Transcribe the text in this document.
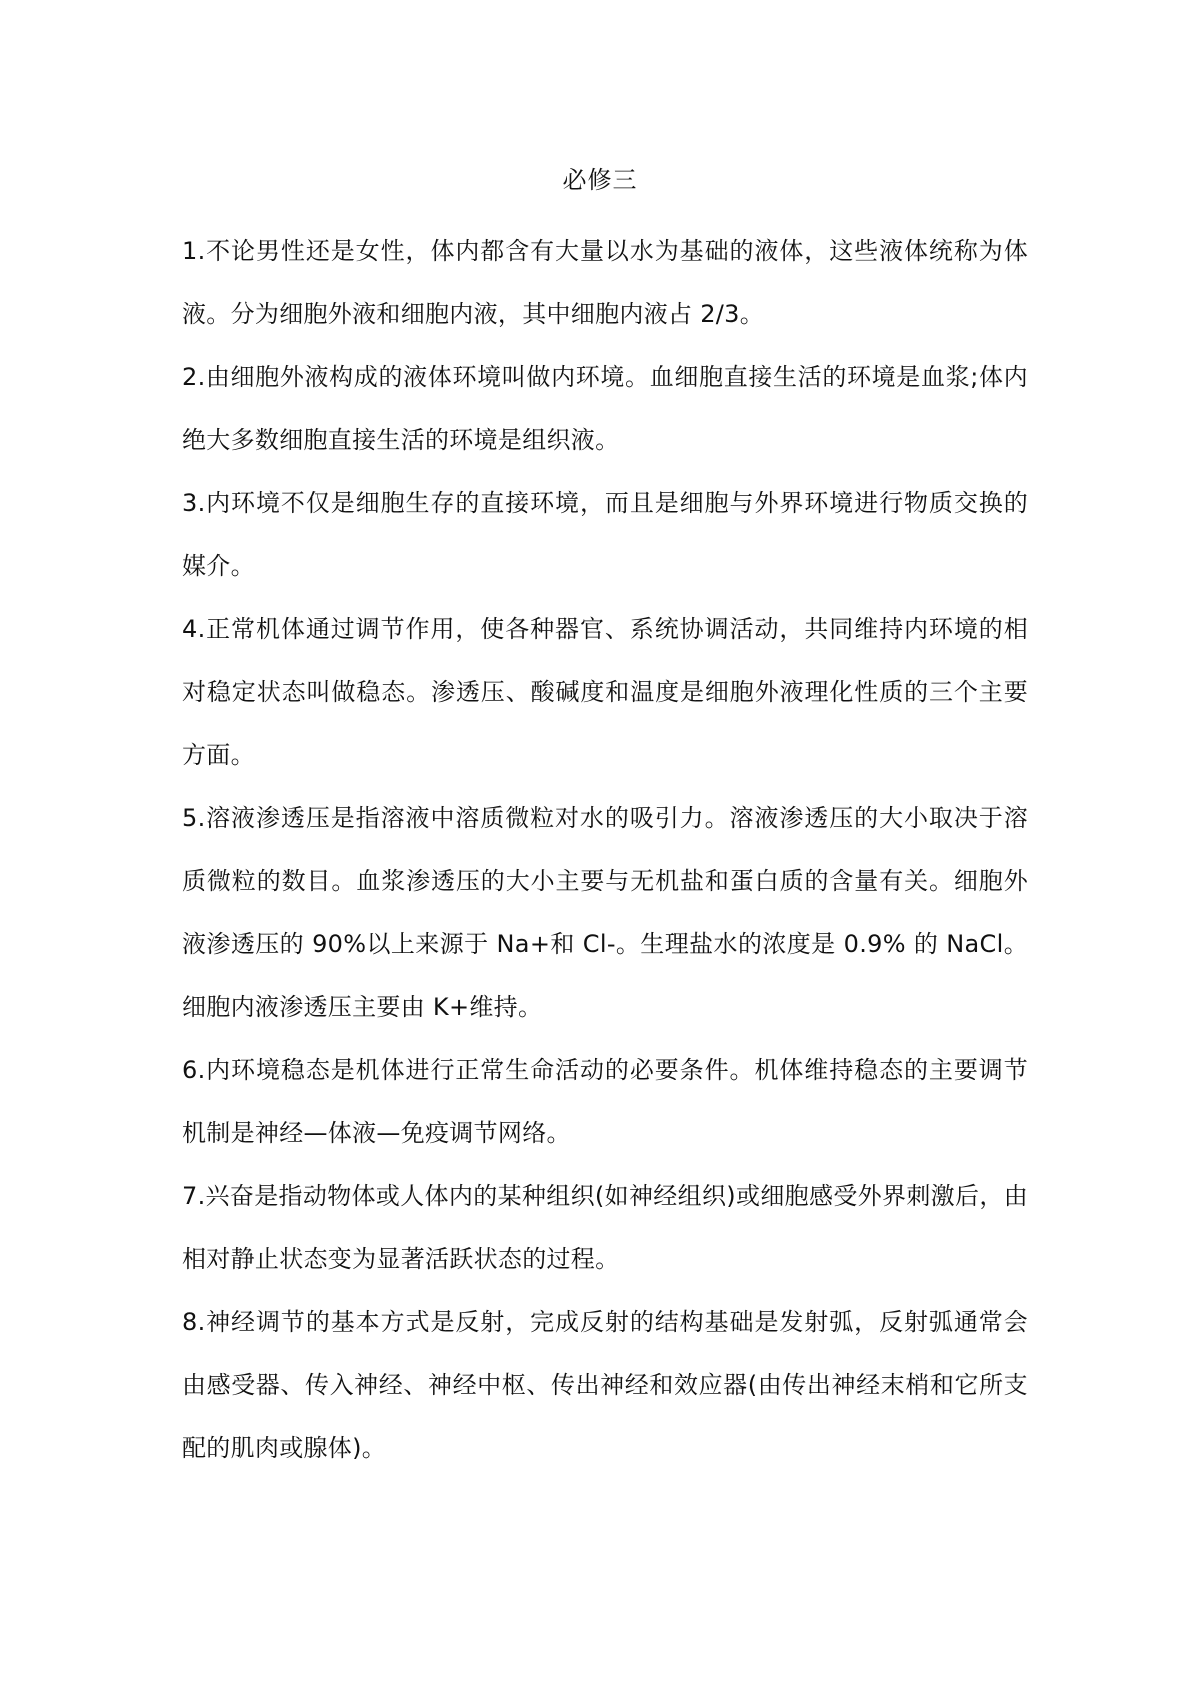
必修三

1.不论男性还是女性，体内都含有大量以水为基础的液体，这些液体统称为体液。分为细胞外液和细胞内液，其中细胞内液占 2/3。

2.由细胞外液构成的液体环境叫做内环境。血细胞直接生活的环境是血浆;体内绝大多数细胞直接生活的环境是组织液。

3.内环境不仅是细胞生存的直接环境，而且是细胞与外界环境进行物质交换的媒介。

4.正常机体通过调节作用，使各种器官、系统协调活动，共同维持内环境的相对稳定状态叫做稳态。渗透压、酸碱度和温度是细胞外液理化性质的三个主要方面。

5.溶液渗透压是指溶液中溶质微粒对水的吸引力。溶液渗透压的大小取决于溶质微粒的数目。血浆渗透压的大小主要与无机盐和蛋白质的含量有关。细胞外液渗透压的 90%以上来源于 Na+和 Cl-。生理盐水的浓度是 0.9% 的 NaCl。细胞内液渗透压主要由 K+维持。

6.内环境稳态是机体进行正常生命活动的必要条件。机体维持稳态的主要调节机制是神经—体液—免疫调节网络。

7.兴奋是指动物体或人体内的某种组织(如神经组织)或细胞感受外界刺激后，由相对静止状态变为显著活跃状态的过程。

8.神经调节的基本方式是反射，完成反射的结构基础是发射弧，反射弧通常会由感受器、传入神经、神经中枢、传出神经和效应器(由传出神经末梢和它所支配的肌肉或腺体)。
